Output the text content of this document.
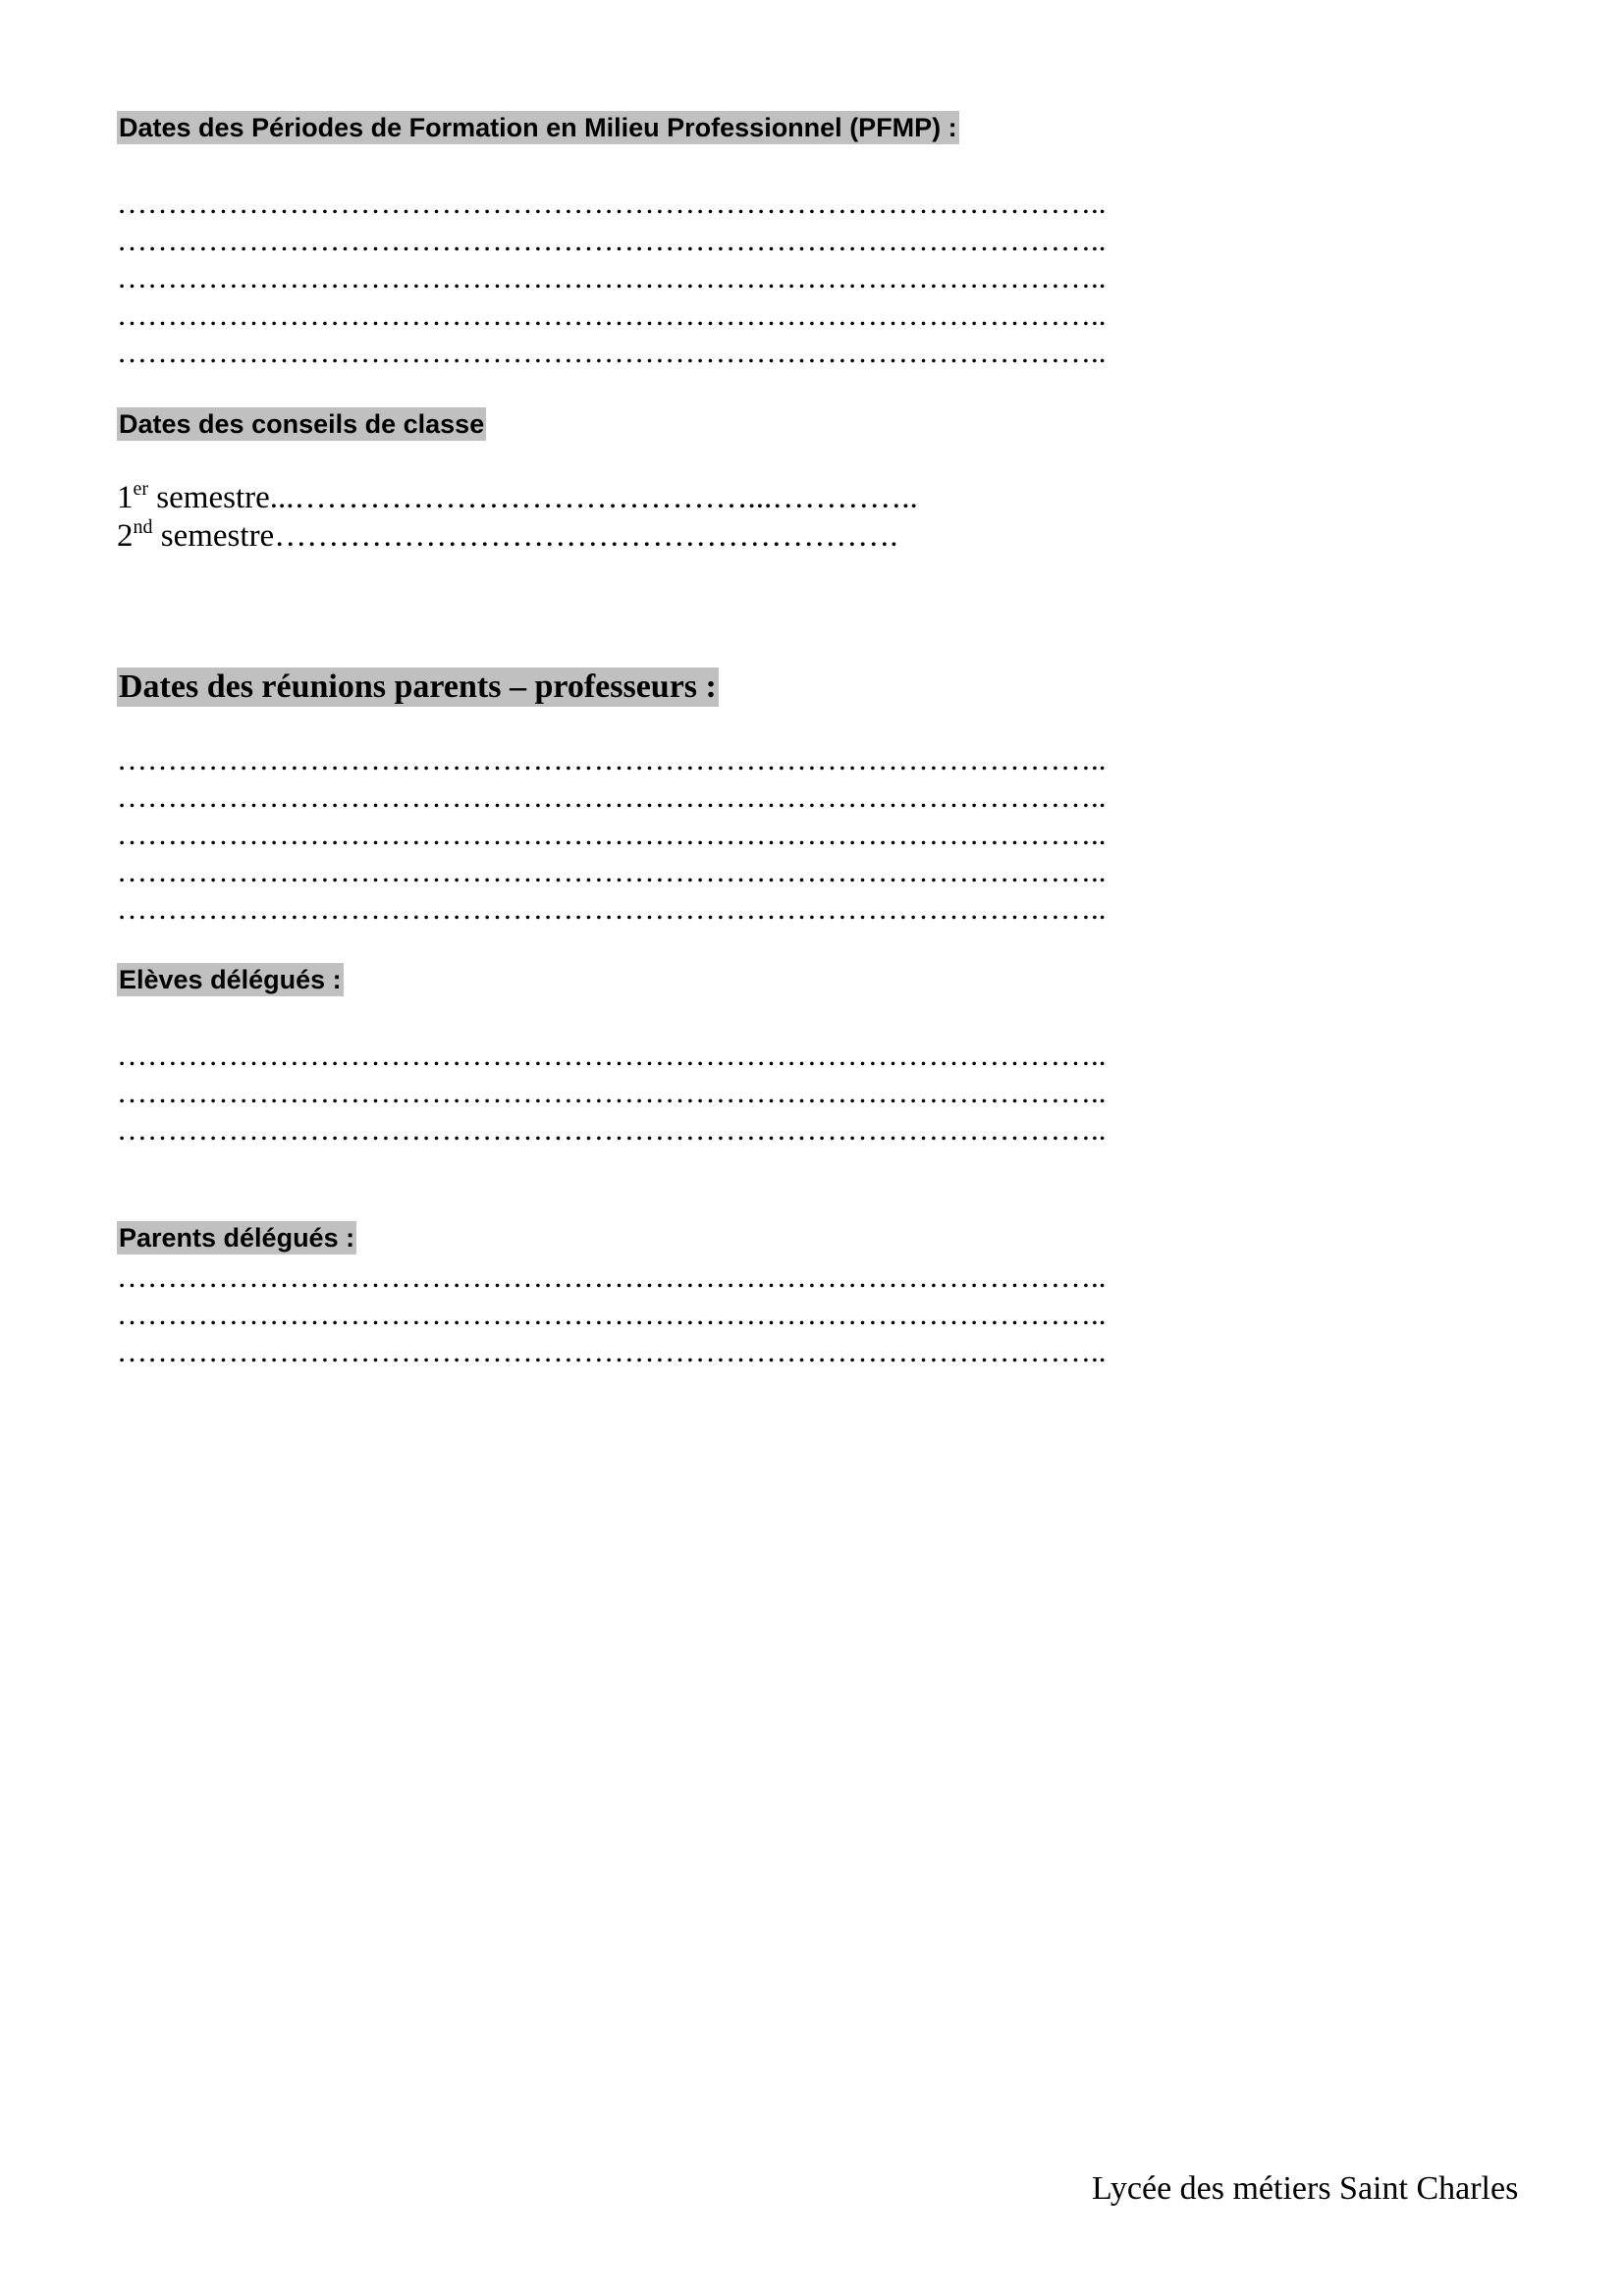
Dates des Périodes de Formation en Milieu Professionnel (PFMP) :
……………………………………………………………………………………..
……………………………………………………………………………………..
……………………………………………………………………………………..
……………………………………………………………………………………..
……………………………………………………………………………………..
Dates des conseils de classe
1er semestre...……………………………………...…………..
2nd semestre………………………………………………….
Dates des réunions parents – professeurs :
……………………………………………………………………………………..
……………………………………………………………………………………..
……………………………………………………………………………………..
……………………………………………………………………………………..
……………………………………………………………………………………..
Elèves délégués :
……………………………………………………………………………………..
……………………………………………………………………………………..
……………………………………………………………………………………..
Parents délégués :
……………………………………………………………………………………..
……………………………………………………………………………………..
……………………………………………………………………………………..
Lycée des métiers Saint Charles
